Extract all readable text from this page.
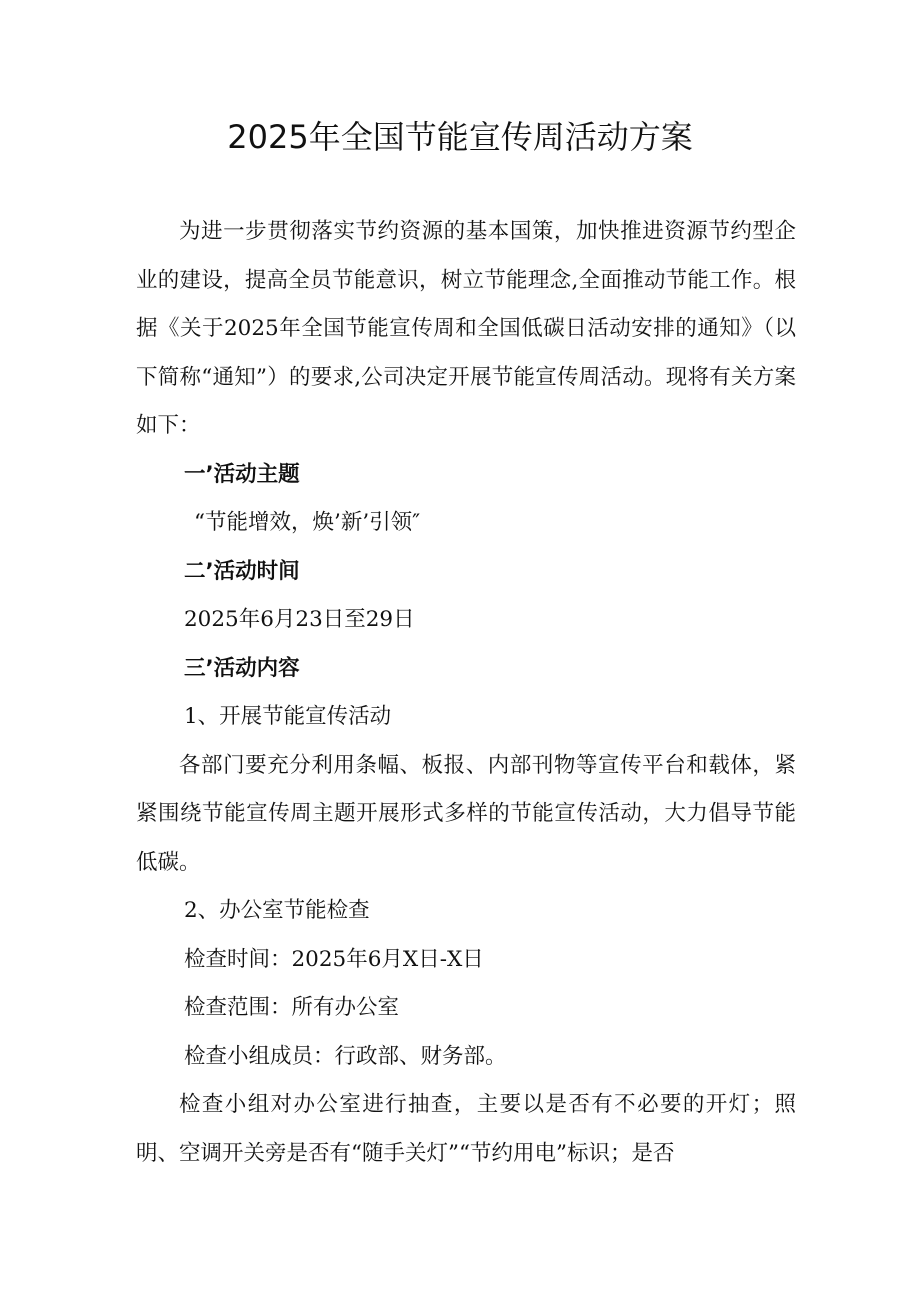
2025年全国节能宣传周活动方案

为进一步贯彻落实节约资源的基本国策，加快推进资源节约型企业的建设，提高全员节能意识，树立节能理念,全面推动节能工作。根据《关于2025年全国节能宣传周和全国低碳日活动安排的通知》（以下简称“通知”）的要求,公司决定开展节能宣传周活动。现将有关方案如下：

一’活动主题

“节能增效，焕’新’引领″

二’活动时间

2025年6月23日至29日

三’活动内容

1、开展节能宣传活动

各部门要充分利用条幅、板报、内部刊物等宣传平台和载体，紧紧围绕节能宣传周主题开展形式多样的节能宣传活动，大力倡导节能低碳。

2、办公室节能检查

检查时间：2025年6月X日-X日

检查范围：所有办公室

检查小组成员：行政部、财务部。

检查小组对办公室进行抽查，主要以是否有不必要的开灯；照明、空调开关旁是否有“随手关灯”“节约用电”标识；是否
